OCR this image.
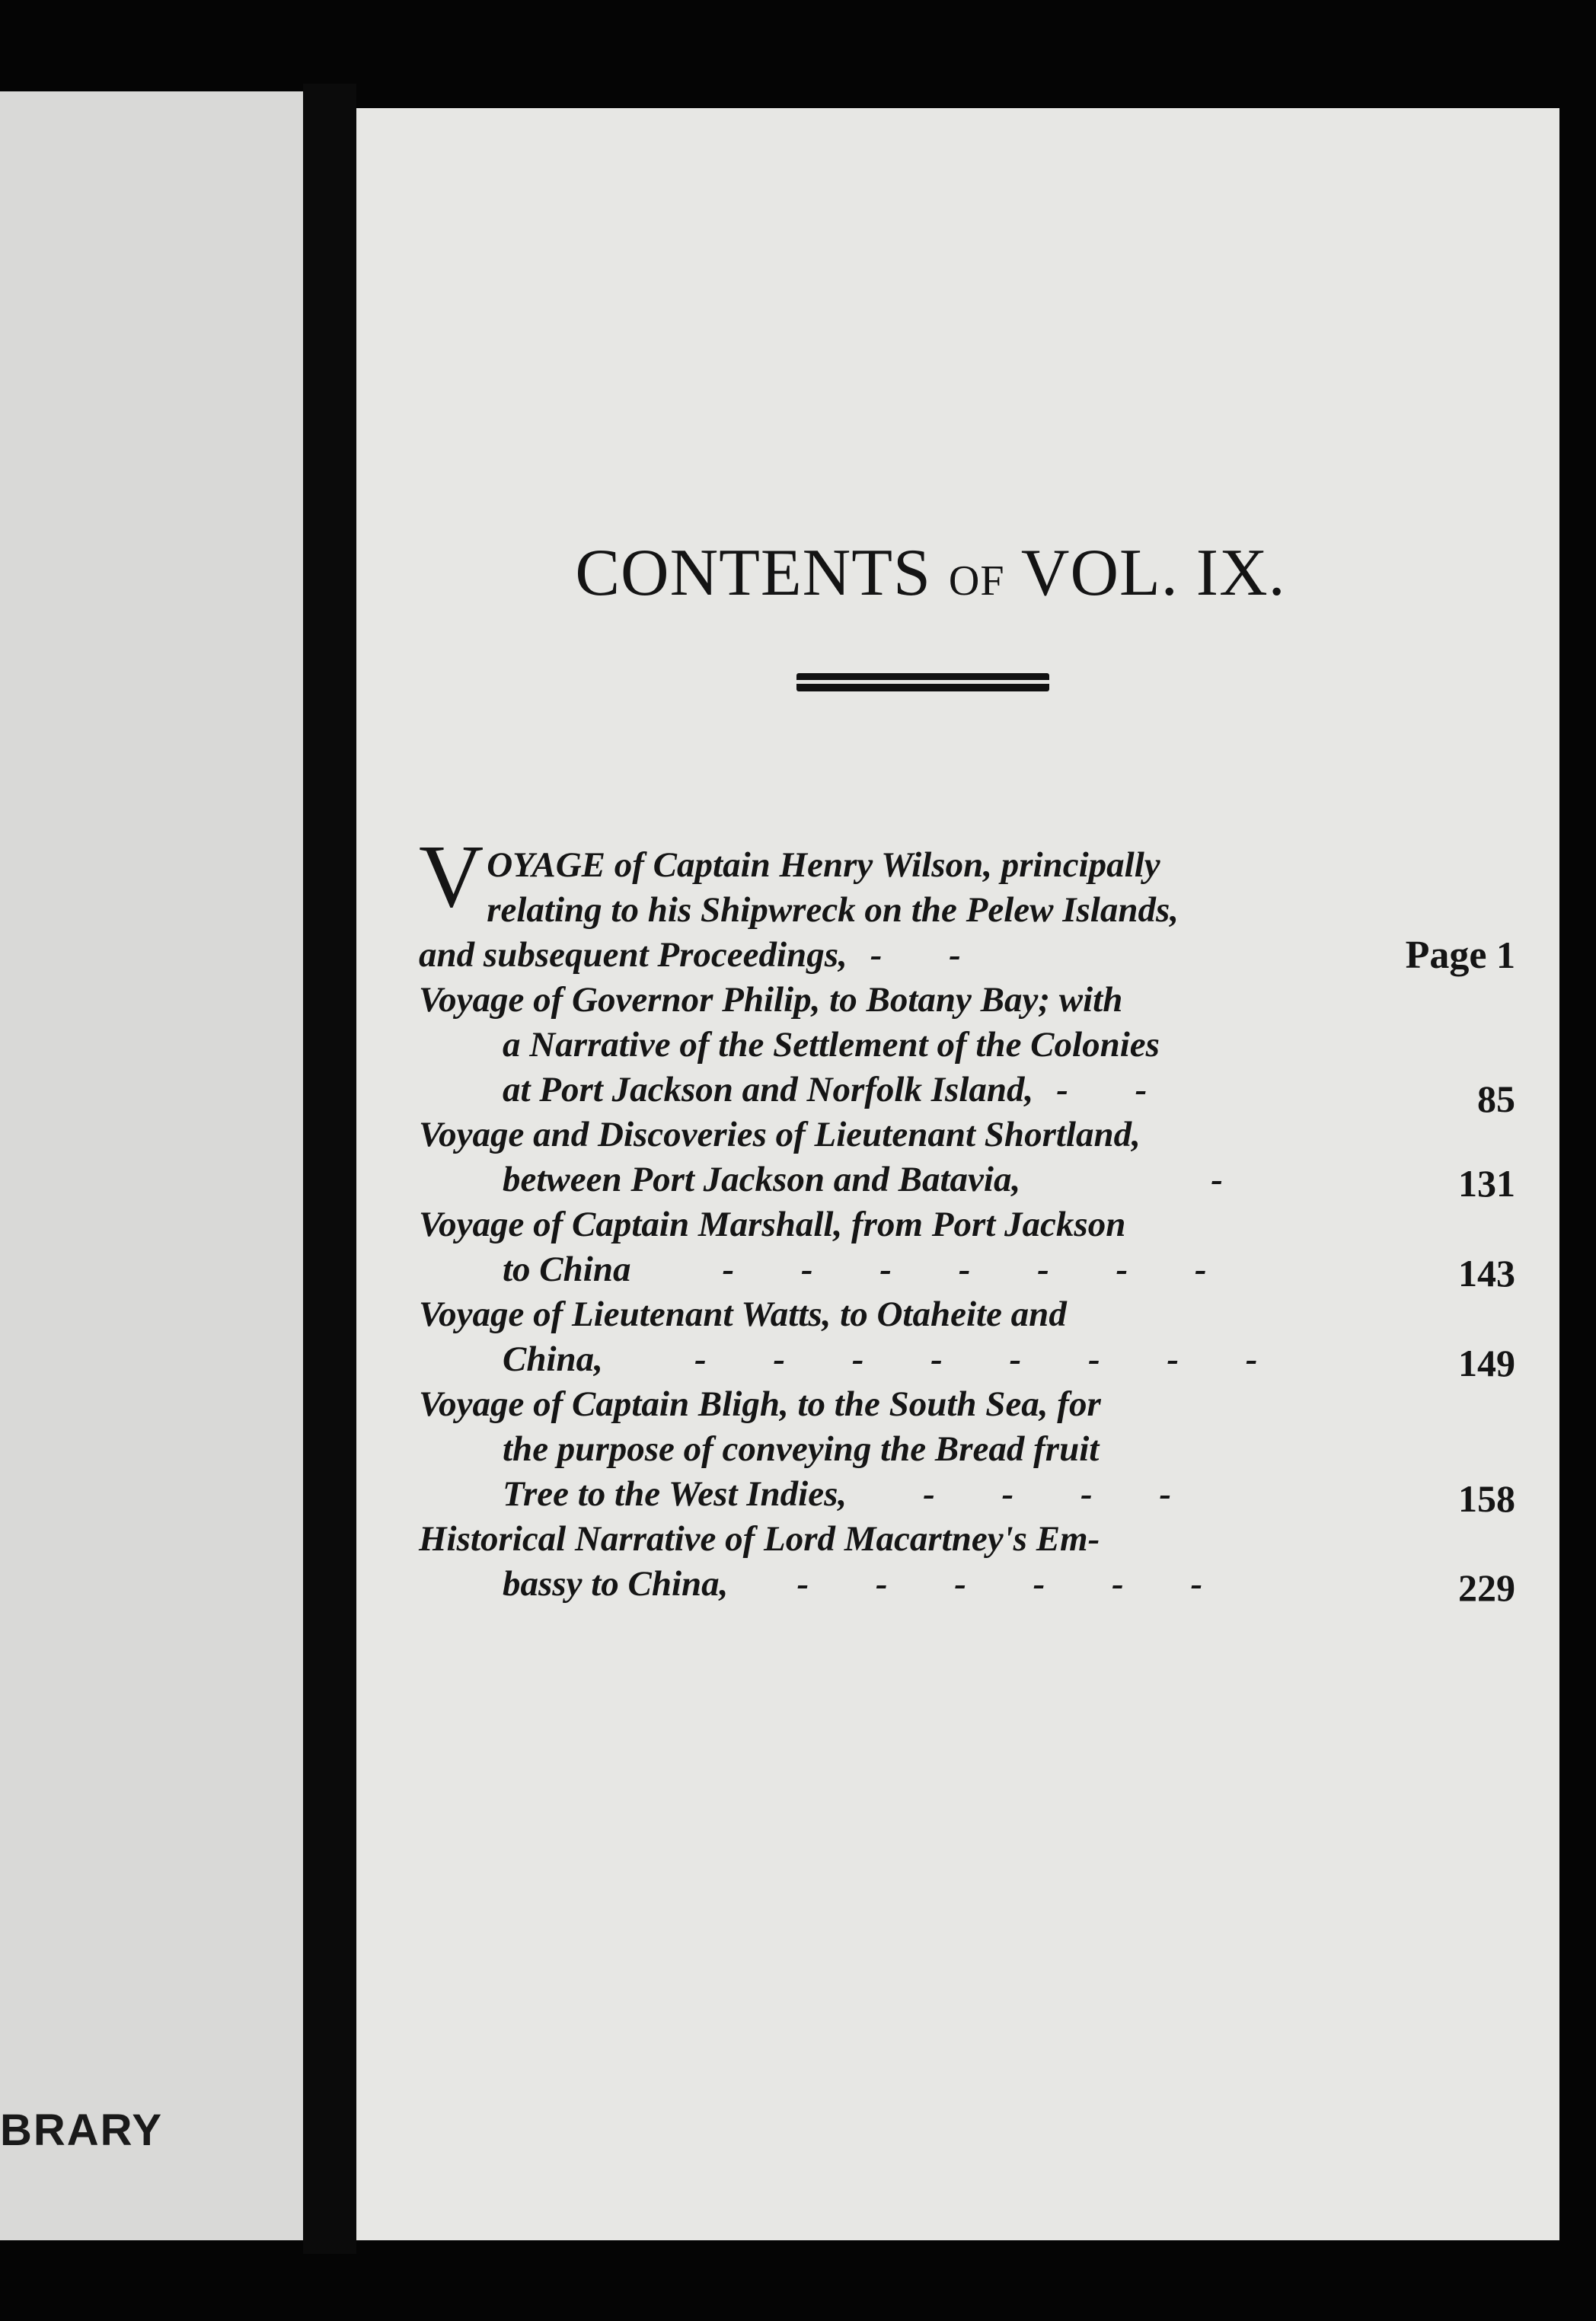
BRARY
CONTENTS OF VOL. IX.
V OYAGE of Captain Henry Wilson, principally
relating to his Shipwreck on the Pelew Islands,
and subsequent Proceedings, - -	Page 1
Voyage of Governor Philip, to Botany Bay; with
a Narrative of the Settlement of the Colonies
at Port Jackson and Norfolk Island, - -	85
Voyage and Discoveries of Lieutenant Shortland,
between Port Jackson and Batavia,	-	131
Voyage of Captain Marshall, from Port Jackson
to China	- - - - - - -	143
Voyage of Lieutenant Watts, to Otaheite and
China,	- - - - - - - -	149
Voyage of Captain Bligh, to the South Sea, for
the purpose of conveying the Bread fruit
Tree to the West Indies, - - - -	158
Historical Narrative of Lord Macartney's Em-
bassy to China, - - - - - -	229
